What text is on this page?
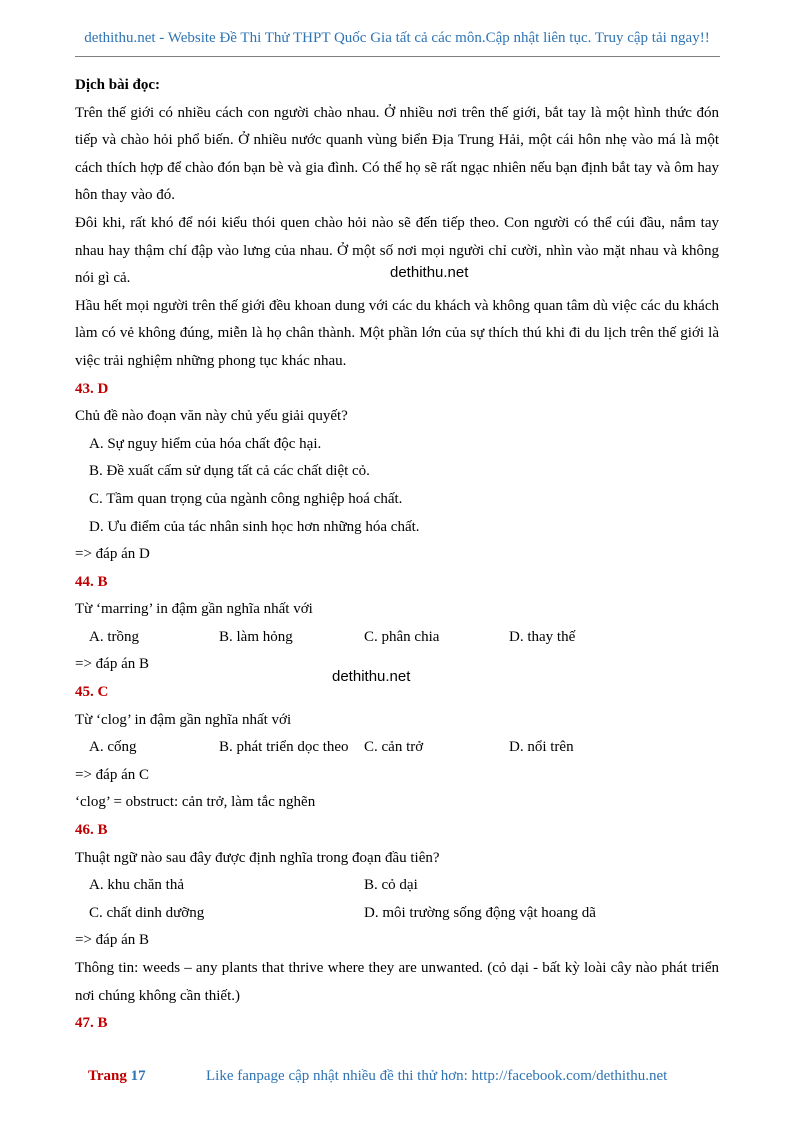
dethithu.net - Website Đề Thi Thử THPT Quốc Gia tất cả các môn.Cập nhật liên tục. Truy cập tải ngay!!

Dịch bài đọc:

Trên thế giới có nhiều cách con người chào nhau. Ở nhiều nơi trên thế giới, bắt tay là một hình thức đón tiếp và chào hỏi phổ biến. Ở nhiều nước quanh vùng biển Địa Trung Hải, một cái hôn nhẹ vào má là một cách thích hợp để chào đón bạn bè và gia đình. Có thể họ sẽ rất ngạc nhiên nếu bạn định bắt tay và ôm hay hôn thay vào đó.

Đôi khi, rất khó để nói kiểu thói quen chào hỏi nào sẽ đến tiếp theo. Con người có thể cúi đầu, nắm tay nhau hay thậm chí đập vào lưng của nhau. Ở một số nơi mọi người chỉ cười, nhìn vào mặt nhau và không nói gì cả.

Hầu hết mọi người trên thế giới đều khoan dung với các du khách và không quan tâm dù việc các du khách làm có vẻ không đúng, miễn là họ chân thành. Một phần lớn của sự thích thú khi đi du lịch trên thế giới là việc trải nghiệm những phong tục khác nhau.

43. D

Chủ đề nào đoạn văn này chủ yếu giải quyết?

A. Sự nguy hiểm của hóa chất độc hại.

B. Đề xuất cấm sử dụng tất cả các chất diệt cỏ.

C. Tầm quan trọng của ngành công nghiệp hoá chất.

D. Ưu điểm của tác nhân sinh học hơn những hóa chất.

=> đáp án D

44. B

Từ ‘marring’ in đậm gần nghĩa nhất với

A. trồng	B. làm hỏng	C. phân chia	D. thay thế

=> đáp án B

45. C

Từ ‘clog’ in đậm gần nghĩa nhất với

A. cống	B. phát triển dọc theo	C. cản trở	D. nổi trên

=> đáp án C

‘clog’ = obstruct: cản trở, làm tắc nghẽn

46. B

Thuật ngữ nào sau đây được định nghĩa trong đoạn đầu tiên?

A. khu chăn thả	B. cỏ dại
C. chất dinh dưỡng	D. môi trường sống động vật hoang dã

=> đáp án B

Thông tin: weeds – any plants that thrive where they are unwanted. (cỏ dại - bất kỳ loài cây nào phát triển nơi chúng không cần thiết.)

47. B

dethithu.net
dethithu.net
Trang 17	Like fanpage cập nhật nhiều đề thi thử hơn: http://facebook.com/dethithu.net
